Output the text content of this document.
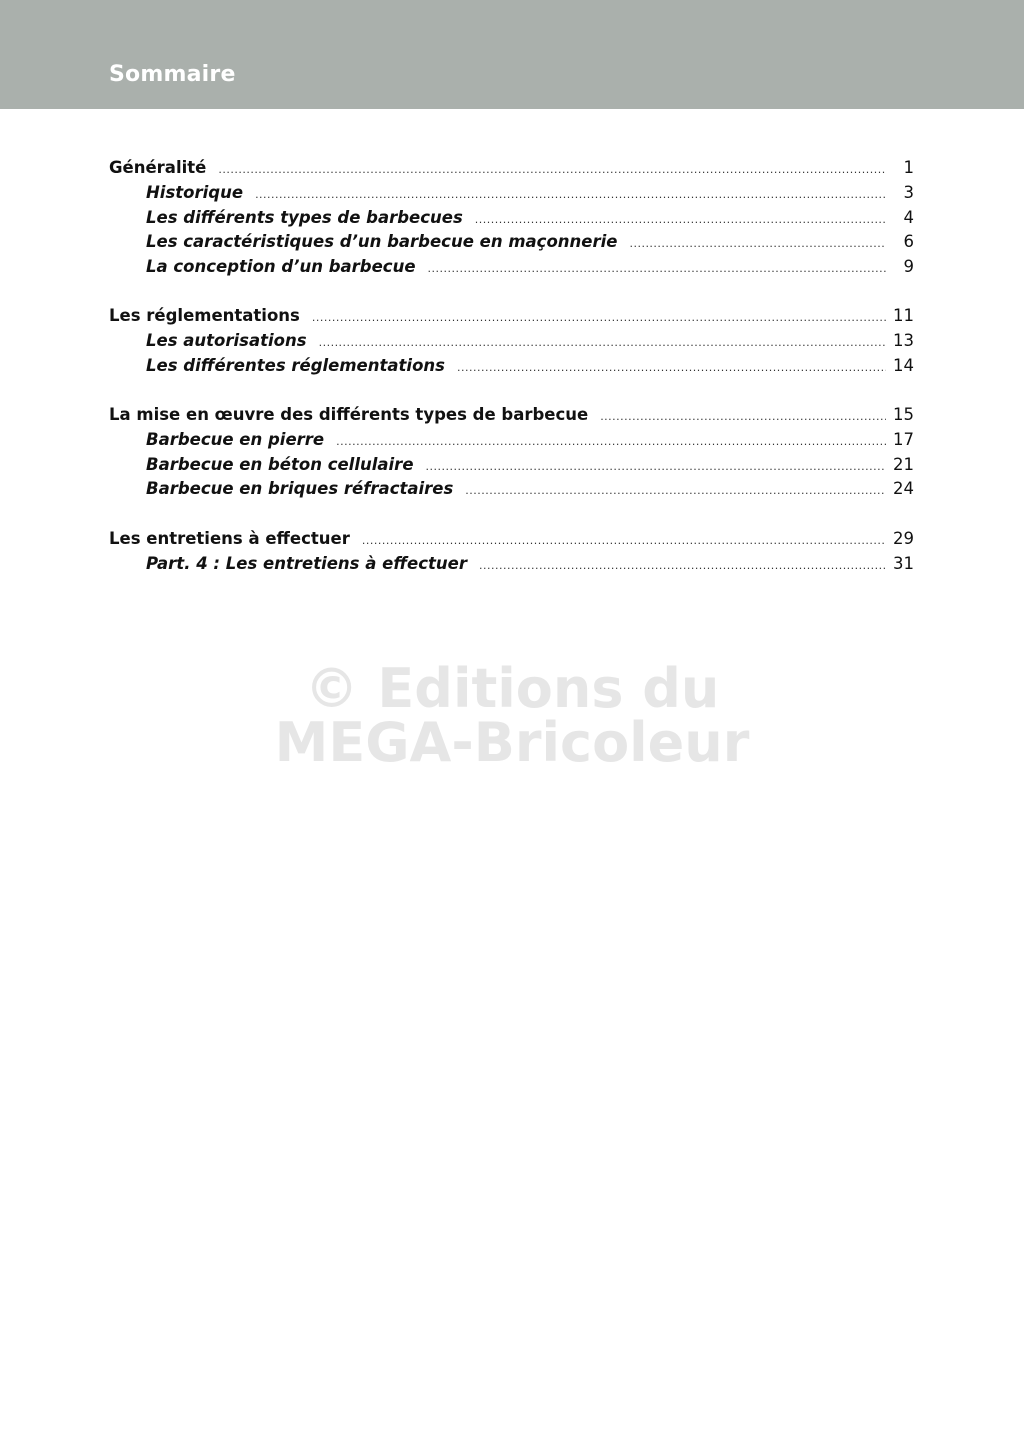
Sommaire
Généralité .....	1
Historique .....	3
Les différents types de barbecues .....	4
Les caractéristiques d’un barbecue en maçonnerie .....	6
La conception d’un barbecue .....	9
Les réglementations .....	11
Les autorisations .....	13
Les différentes réglementations .....	14
La mise en œuvre des différents types de barbecue .....	15
Barbecue en pierre .....	17
Barbecue en béton cellulaire .....	21
Barbecue en briques réfractaires .....	24
Les entretiens à effectuer .....	29
Part. 4 : Les entretiens à effectuer .....	31
© Editions du
MEGA-Bricoleur
